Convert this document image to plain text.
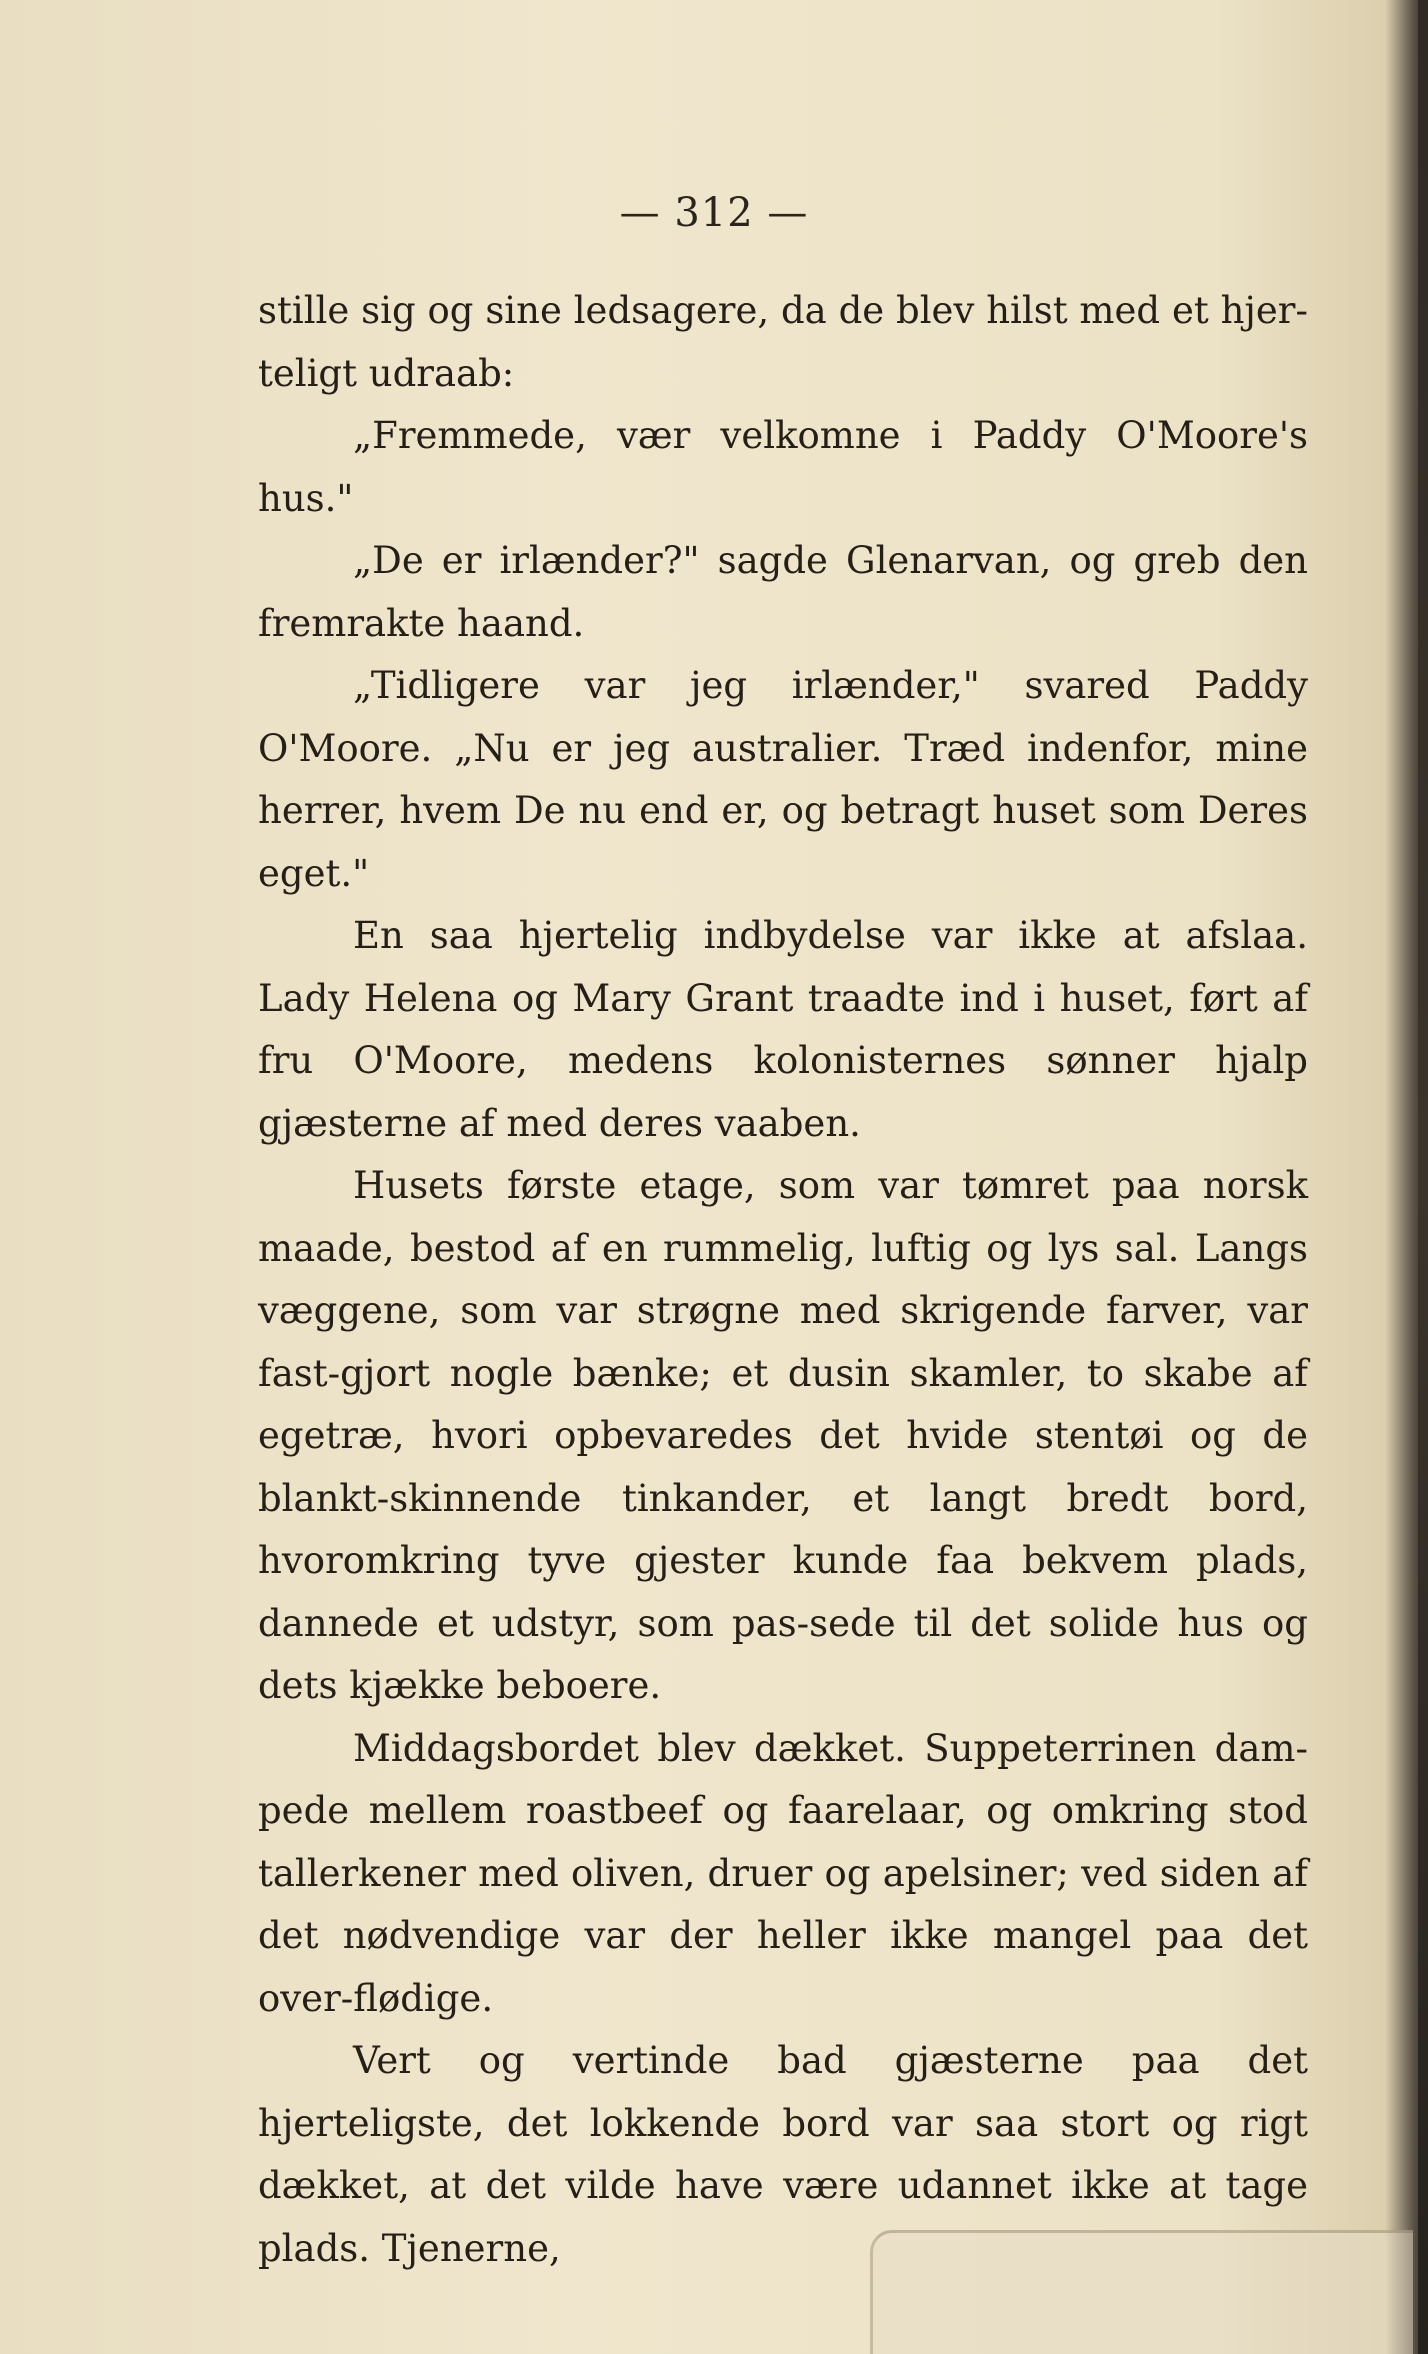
— 312 —

stille sig og sine ledsagere, da de blev hilst med et hjer-teligt udraab:

„Fremmede, vær velkomne i Paddy O'Moore's hus."

„De er irlænder?" sagde Glenarvan, og greb den fremrakte haand.

„Tidligere var jeg irlænder," svared Paddy O'Moore. „Nu er jeg australier. Træd indenfor, mine herrer, hvem De nu end er, og betragt huset som Deres eget."

En saa hjertelig indbydelse var ikke at afslaa. Lady Helena og Mary Grant traadte ind i huset, ført af fru O'Moore, medens kolonisternes sønner hjalp gjæsterne af med deres vaaben.

Husets første etage, som var tømret paa norsk maade, bestod af en rummelig, luftig og lys sal. Langs væggene, som var strøgne med skrigende farver, var fast-gjort nogle bænke; et dusin skamler, to skabe af egetræ, hvori opbevaredes det hvide stentøi og de blankt-skinnende tinkander, et langt bredt bord, hvoromkring tyve gjester kunde faa bekvem plads, dannede et udstyr, som pas-sede til det solide hus og dets kjække beboere.

Middagsbordet blev dækket. Suppeterrinen dam-pede mellem roastbeef og faarelaar, og omkring stod tallerkener med oliven, druer og apelsiner; ved siden af det nødvendige var der heller ikke mangel paa det over-flødige.

Vert og vertinde bad gjæsterne paa det hjerteligste, det lokkende bord var saa stort og rigt dækket, at det vilde have være udannet ikke at tage plads. Tjenerne,
